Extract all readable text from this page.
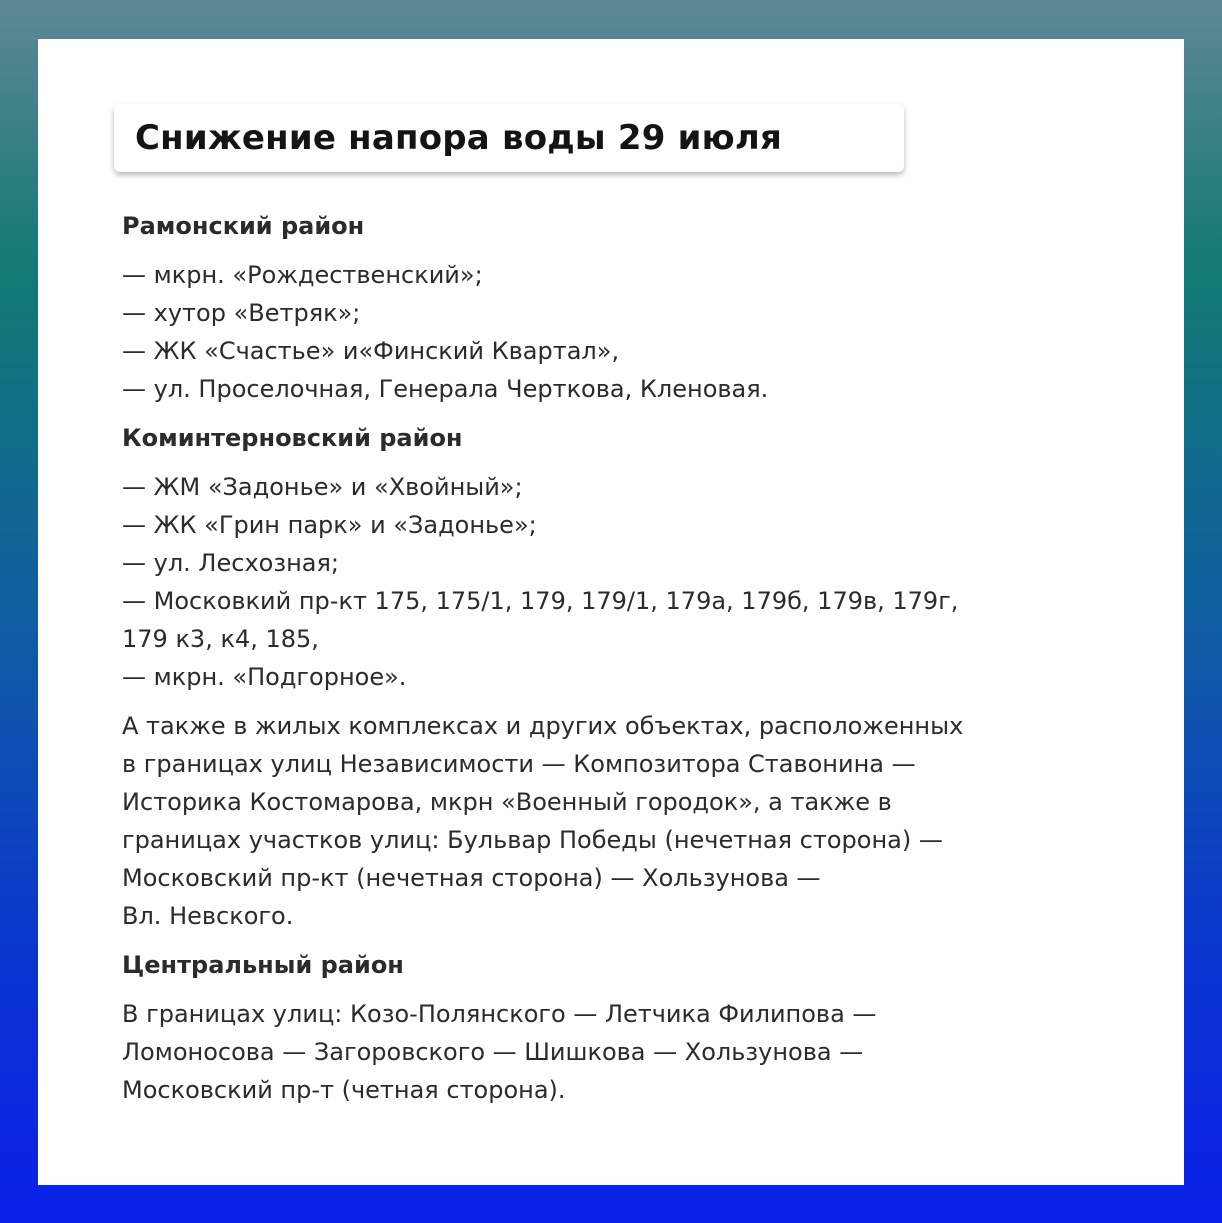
Снижение напора воды 29 июля
Рамонский район
— мкрн. «Рождественский»;
— хутор «Ветряк»;
— ЖК «Счастье» и«Финский Квартал»,
— ул. Проселочная, Генерала Черткова, Кленовая.
Коминтерновский район
— ЖМ «Задонье» и «Хвойный»;
— ЖК «Грин парк» и «Задонье»;
— ул. Лесхозная;
— Московкий пр-кт 175, 175/1, 179, 179/1, 179а, 179б, 179в, 179г,
179 к3, к4, 185,
— мкрн. «Подгорное».
А также в жилых комплексах и других объектах, расположенных
в границах улиц Независимости — Композитора Ставонина —
Историка Костомарова, мкрн «Военный городок», а также в
границах участков улиц: Бульвар Победы (нечетная сторона) —
Московский пр-кт (нечетная сторона) — Хользунова —
Вл. Невского.
Центральный район
В границах улиц: Козо-Полянского — Летчика Филипова —
Ломоносова — Загоровского — Шишкова — Хользунова —
Московский пр-т (четная сторона).
